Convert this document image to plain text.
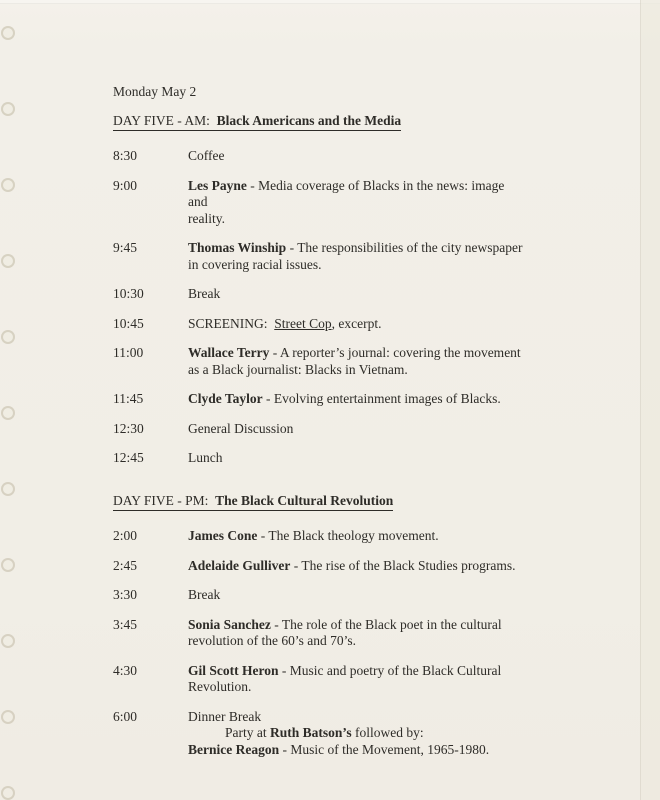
Monday May 2
DAY FIVE - AM:  Black Americans and the Media
8:30	Coffee
9:00	Les Payne - Media coverage of Blacks in the news: image
and
reality.
9:45	Thomas Winship - The responsibilities of the city newspaper
in covering racial issues.
10:30	Break
10:45	SCREENING:  Street Cop, excerpt.
11:00	Wallace Terry - A reporter’s journal: covering the movement
as a Black journalist: Blacks in Vietnam.
11:45	Clyde Taylor - Evolving entertainment images of Blacks.
12:30	General Discussion
12:45	Lunch
DAY FIVE - PM:  The Black Cultural Revolution
2:00	James Cone - The Black theology movement.
2:45	Adelaide Gulliver - The rise of the Black Studies programs.
3:30	Break
3:45	Sonia Sanchez - The role of the Black poet in the cultural
revolution of the 60’s and 70’s.
4:30	Gil Scott Heron - Music and poetry of the Black Cultural
Revolution.
6:00	Dinner Break
Party at Ruth Batson’s followed by:
Bernice Reagon - Music of the Movement, 1965-1980.
